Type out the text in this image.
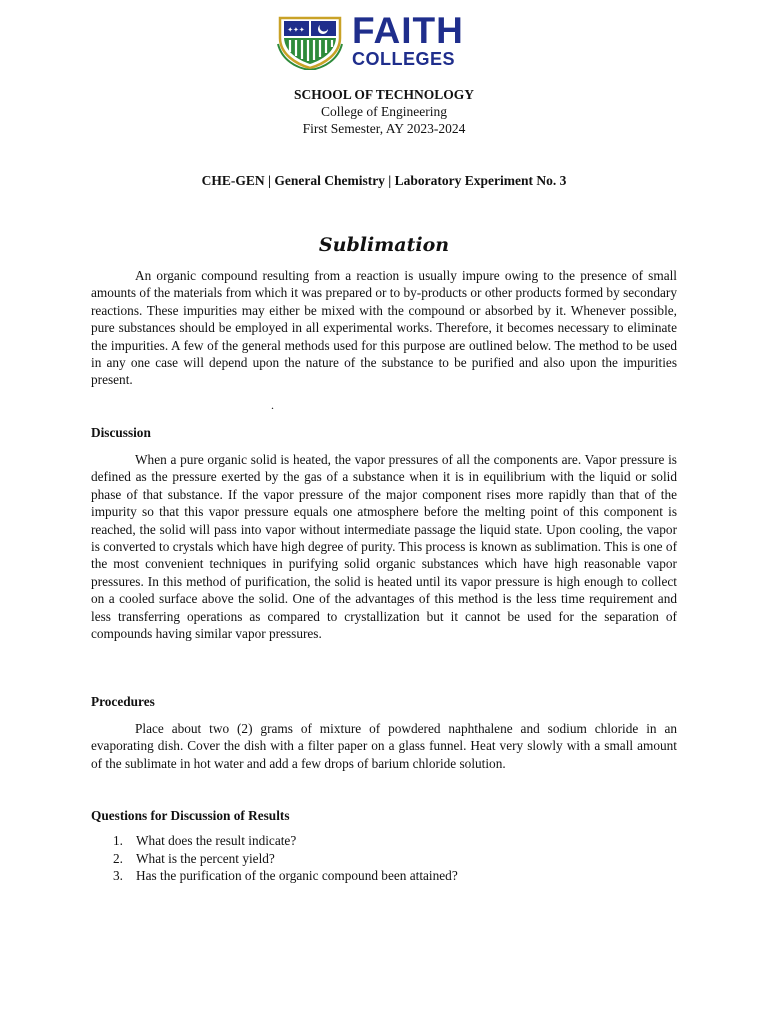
✦✦✦ FAITH
COLLEGES
SCHOOL OF TECHNOLOGY
College of Engineering
First Semester, AY 2023-2024
CHE-GEN | General Chemistry | Laboratory Experiment No. 3
Sublimation

An organic compound resulting from a reaction is usually impure owing to the presence of small amounts of the materials from which it was prepared or to by-products or other products formed by secondary reactions. These impurities may either be mixed with the compound or absorbed by it. Whenever possible, pure substances should be employed in all experimental works. Therefore, it becomes necessary to eliminate the impurities. A few of the general methods used for this purpose are outlined below. The method to be used in any one case will depend upon the nature of the substance to be purified and also upon the impurities present.

.
Discussion

When a pure organic solid is heated, the vapor pressures of all the components are. Vapor pressure is defined as the pressure exerted by the gas of a substance when it is in equilibrium with the liquid or solid phase of that substance. If the vapor pressure of the major component rises more rapidly than that of the impurity so that this vapor pressure equals one atmosphere before the melting point of this component is reached, the solid will pass into vapor without intermediate passage the liquid state. Upon cooling, the vapor is converted to crystals which have high degree of purity. This process is known as sublimation. This is one of the most convenient techniques in purifying solid organic substances which have high reasonable vapor pressures. In this method of purification, the solid is heated until its vapor pressure is high enough to collect on a cooled surface above the solid. One of the advantages of this method is the less time requirement and less transferring operations as compared to crystallization but it cannot be used for the separation of compounds having similar vapor pressures.

Procedures

Place about two (2) grams of mixture of powdered naphthalene and sodium chloride in an evaporating dish. Cover the dish with a filter paper on a glass funnel. Heat very slowly with a small amount of the sublimate in hot water and add a few drops of barium chloride solution.

Questions for Discussion of Results
1. What does the result indicate?
2. What is the percent yield?
3. Has the purification of the organic compound been attained?
